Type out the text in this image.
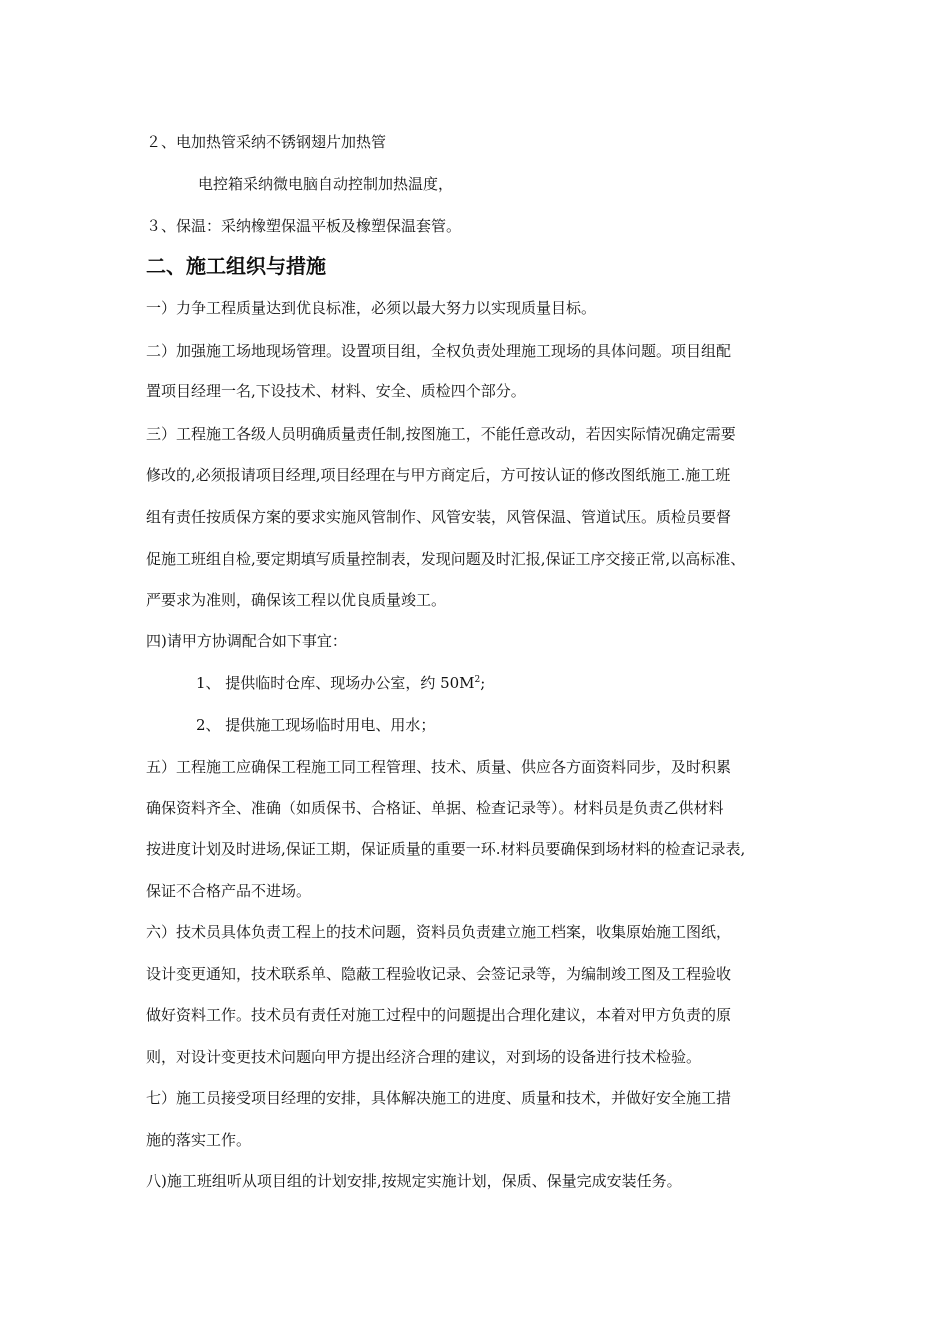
２、电加热管采纳不锈钢翅片加热管

电控箱采纳微电脑自动控制加热温度，

３、保温：采纳橡塑保温平板及橡塑保温套管。

二、施工组织与措施

一）力争工程质量达到优良标准，必须以最大努力以实现质量目标。

二）加强施工场地现场管理。设置项目组，全权负责处理施工现场的具体问题。项目组配

置项目经理一名,下设技术、材料、安全、质检四个部分。

三）工程施工各级人员明确质量责任制,按图施工，不能任意改动，若因实际情况确定需要

修改的,必须报请项目经理,项目经理在与甲方商定后，方可按认证的修改图纸施工.施工班

组有责任按质保方案的要求实施风管制作、风管安装，风管保温、管道试压。质检员要督

促施工班组自检,要定期填写质量控制表，发现问题及时汇报,保证工序交接正常,以高标准、

严要求为准则，确保该工程以优良质量竣工。

四)请甲方协调配合如下事宜：

1、 提供临时仓库、现场办公室，约 $50M^2$;

2、 提供施工现场临时用电、用水；

五）工程施工应确保工程施工同工程管理、技术、质量、供应各方面资料同步，及时积累

确保资料齐全、准确（如质保书、合格证、单据、检查记录等）。材料员是负责乙供材料

按进度计划及时进场,保证工期，保证质量的重要一环.材料员要确保到场材料的检查记录表,

保证不合格产品不进场。

六）技术员具体负责工程上的技术问题，资料员负责建立施工档案，收集原始施工图纸，

设计变更通知，技术联系单、隐蔽工程验收记录、会签记录等，为编制竣工图及工程验收

做好资料工作。技术员有责任对施工过程中的问题提出合理化建议，本着对甲方负责的原

则，对设计变更技术问题向甲方提出经济合理的建议，对到场的设备进行技术检验。

七）施工员接受项目经理的安排，具体解决施工的进度、质量和技术，并做好安全施工措

施的落实工作。

八)施工班组听从项目组的计划安排,按规定实施计划，保质、保量完成安装任务。
